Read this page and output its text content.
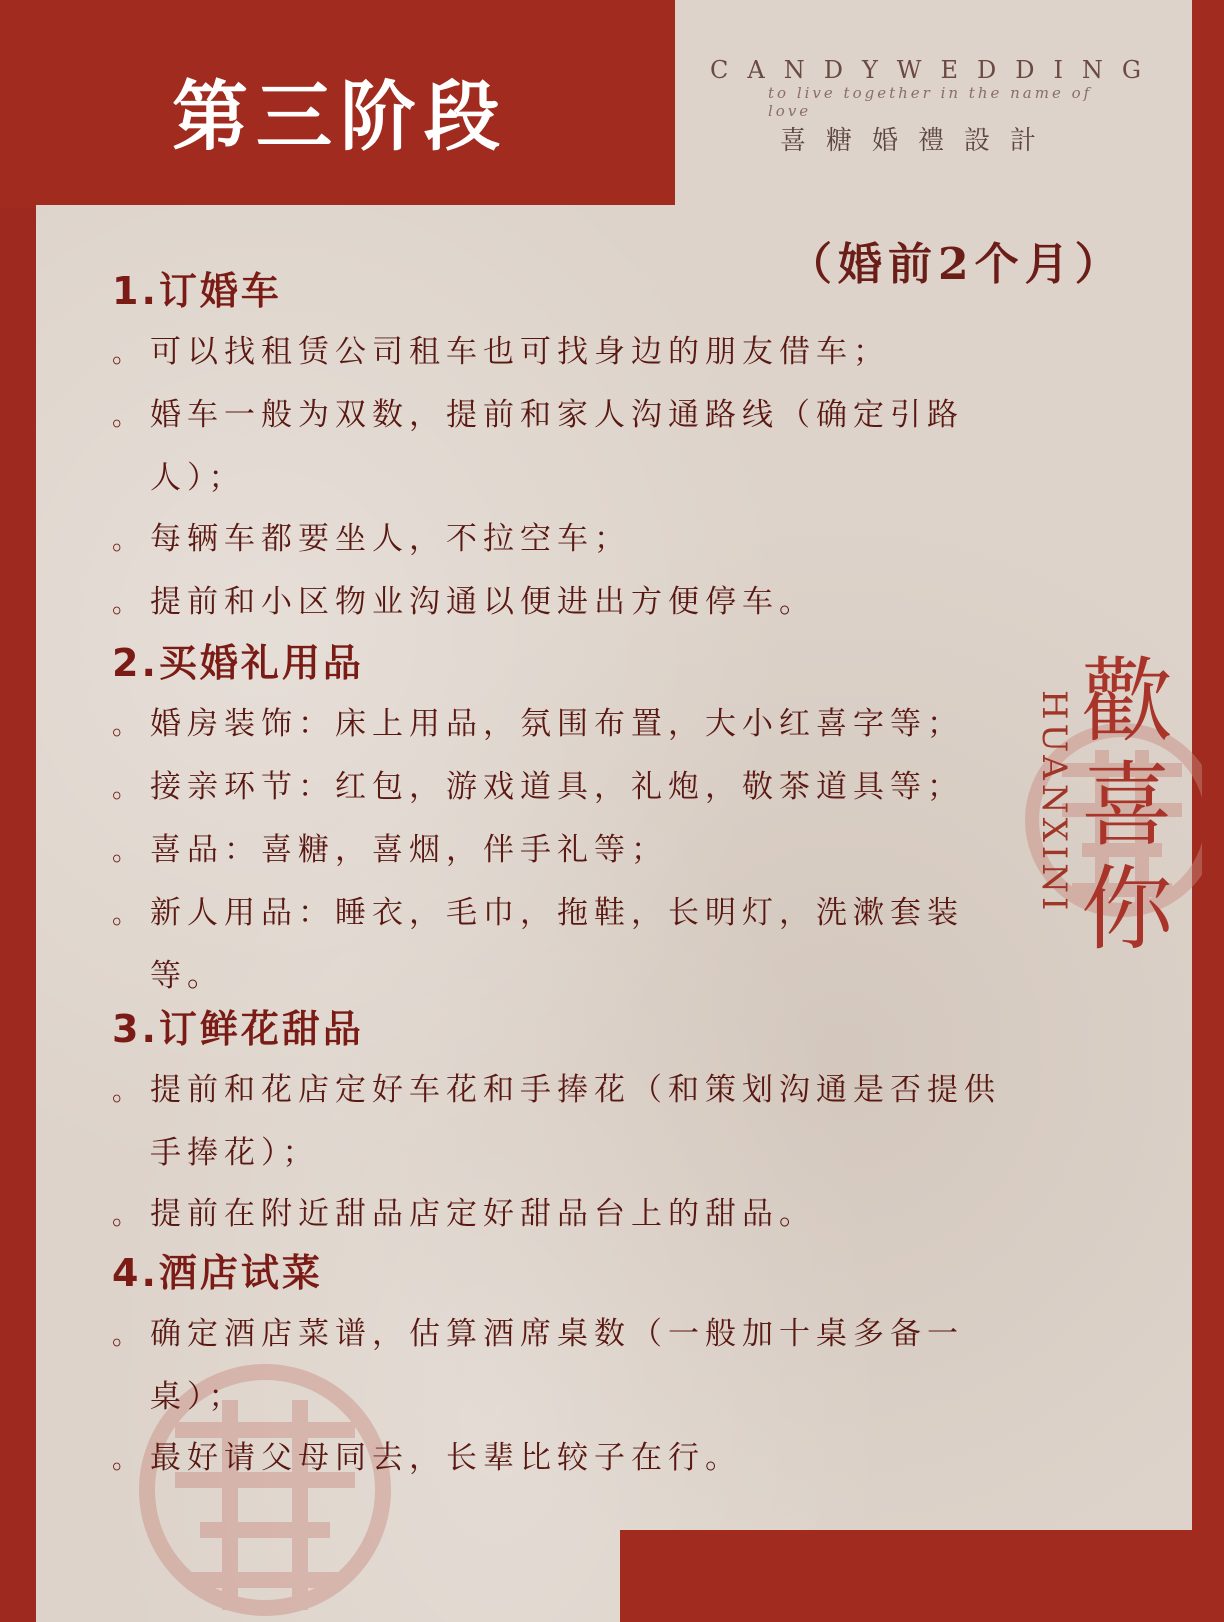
第三阶段
CANDYWEDDING
to live together in the name of love
喜糖婚禮設計
（婚前2个月）
HUANXINI 歡喜你
1.订婚车

。 可以找租赁公司租车也可找身边的朋友借车；

。 婚车一般为双数，提前和家人沟通路线（确定引路人）；

。 每辆车都要坐人，不拉空车；

。 提前和小区物业沟通以便进出方便停车。

2.买婚礼用品

。 婚房装饰：床上用品，氛围布置，大小红喜字等；

。 接亲环节：红包，游戏道具，礼炮，敬茶道具等；

。 喜品：喜糖，喜烟，伴手礼等；

。 新人用品：睡衣，毛巾，拖鞋，长明灯，洗漱套装等。

3.订鲜花甜品

。 提前和花店定好车花和手捧花（和策划沟通是否提供手捧花）；

。 提前在附近甜品店定好甜品台上的甜品。

4.酒店试菜

。 确定酒店菜谱，估算酒席桌数（一般加十桌多备一桌）；

。 最好请父母同去，长辈比较子在行。
